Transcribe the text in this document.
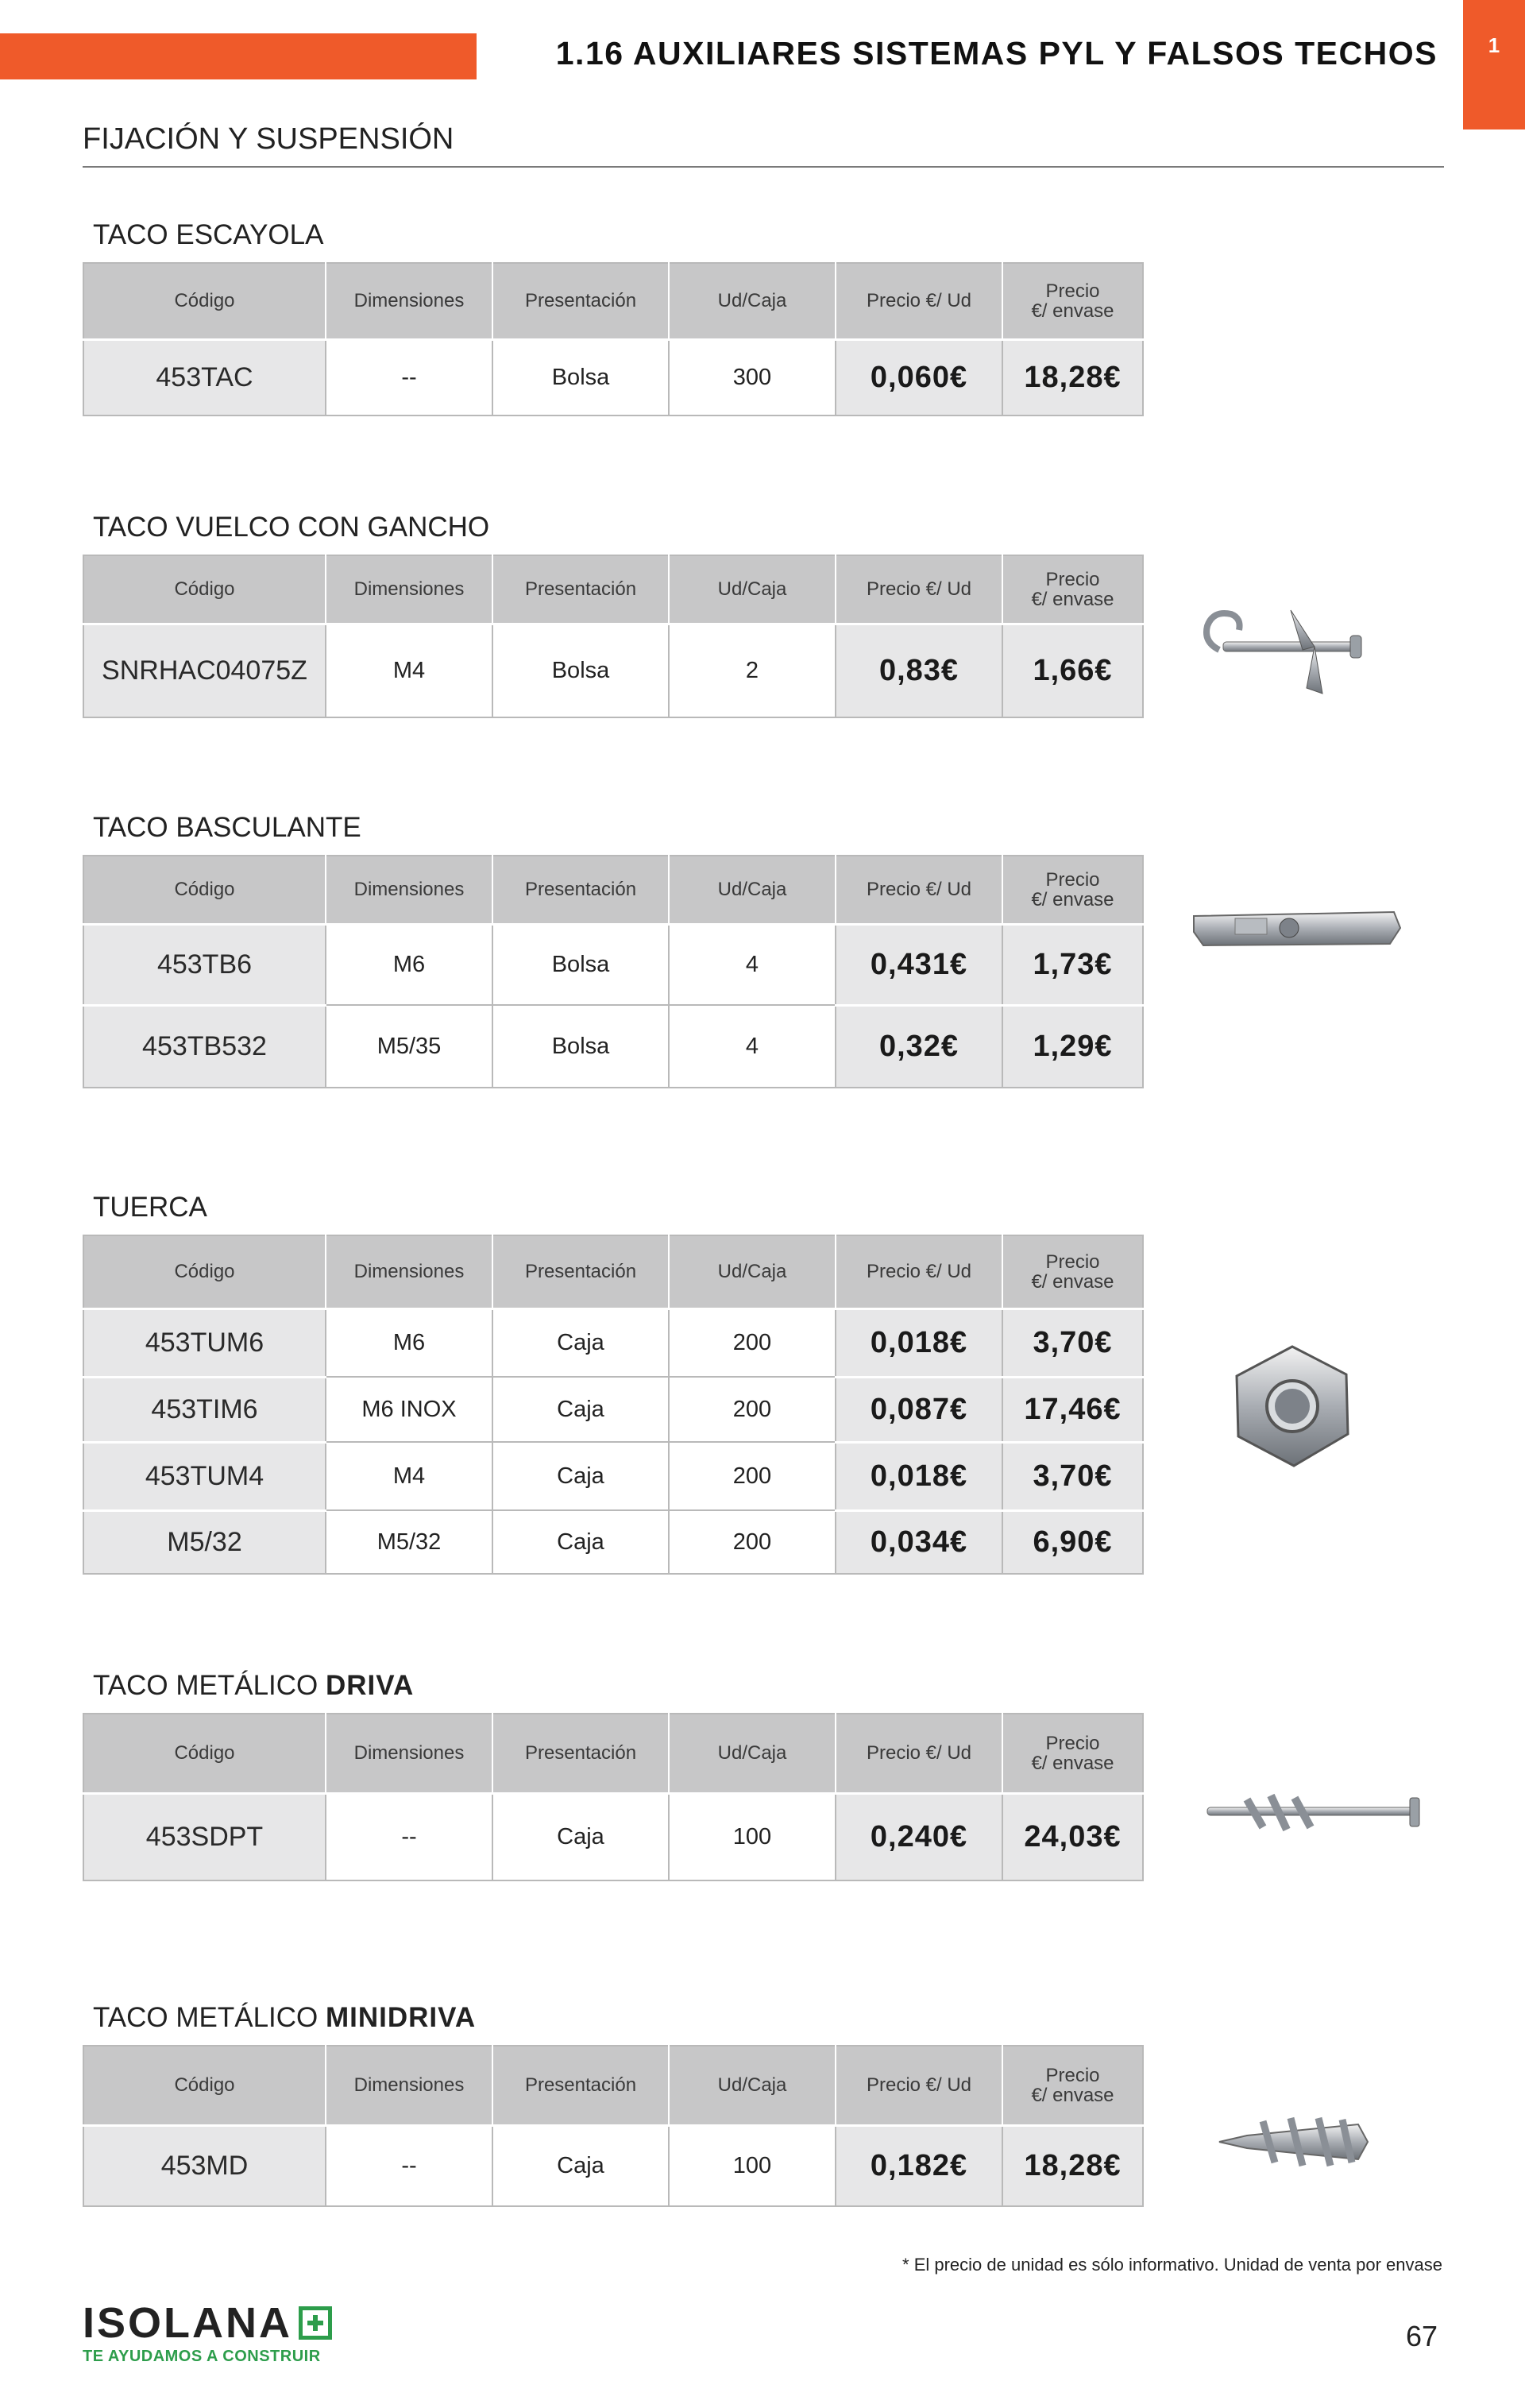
1.16 AUXILIARES SISTEMAS PYL Y FALSOS TECHOS	1
FIJACIÓN Y SUSPENSIÓN
TACO ESCAYOLA
Código	Dimensiones	Presentación	Ud/Caja	Precio €/ Ud	Precio
€/ envase

453TAC	--	Bolsa	300	0,060€	18,28€
TACO VUELCO CON GANCHO
Código	Dimensiones	Presentación	Ud/Caja	Precio €/ Ud	Precio
€/ envase

SNRHAC04075Z	M4	Bolsa	2	0,83€	1,66€
TACO BASCULANTE
Código	Dimensiones	Presentación	Ud/Caja	Precio €/ Ud	Precio
€/ envase

453TB6	M6	Bolsa	4	0,431€	1,73€
453TB532	M5/35	Bolsa	4	0,32€	1,29€
TUERCA
Código	Dimensiones	Presentación	Ud/Caja	Precio €/ Ud	Precio
€/ envase

453TUM6	M6	Caja	200	0,018€	3,70€
453TIM6	M6 INOX	Caja	200	0,087€	17,46€
453TUM4	M4	Caja	200	0,018€	3,70€
M5/32	M5/32	Caja	200	0,034€	6,90€
TACO METÁLICO DRIVA
Código	Dimensiones	Presentación	Ud/Caja	Precio €/ Ud	Precio
€/ envase

453SDPT	--	Caja	100	0,240€	24,03€
TACO METÁLICO MINIDRIVA
Código	Dimensiones	Presentación	Ud/Caja	Precio €/ Ud	Precio
€/ envase

453MD	--	Caja	100	0,182€	18,28€
* El precio de unidad es sólo informativo. Unidad de venta por envase
ISOLANA
TE AYUDAMOS A CONSTRUIR
67
